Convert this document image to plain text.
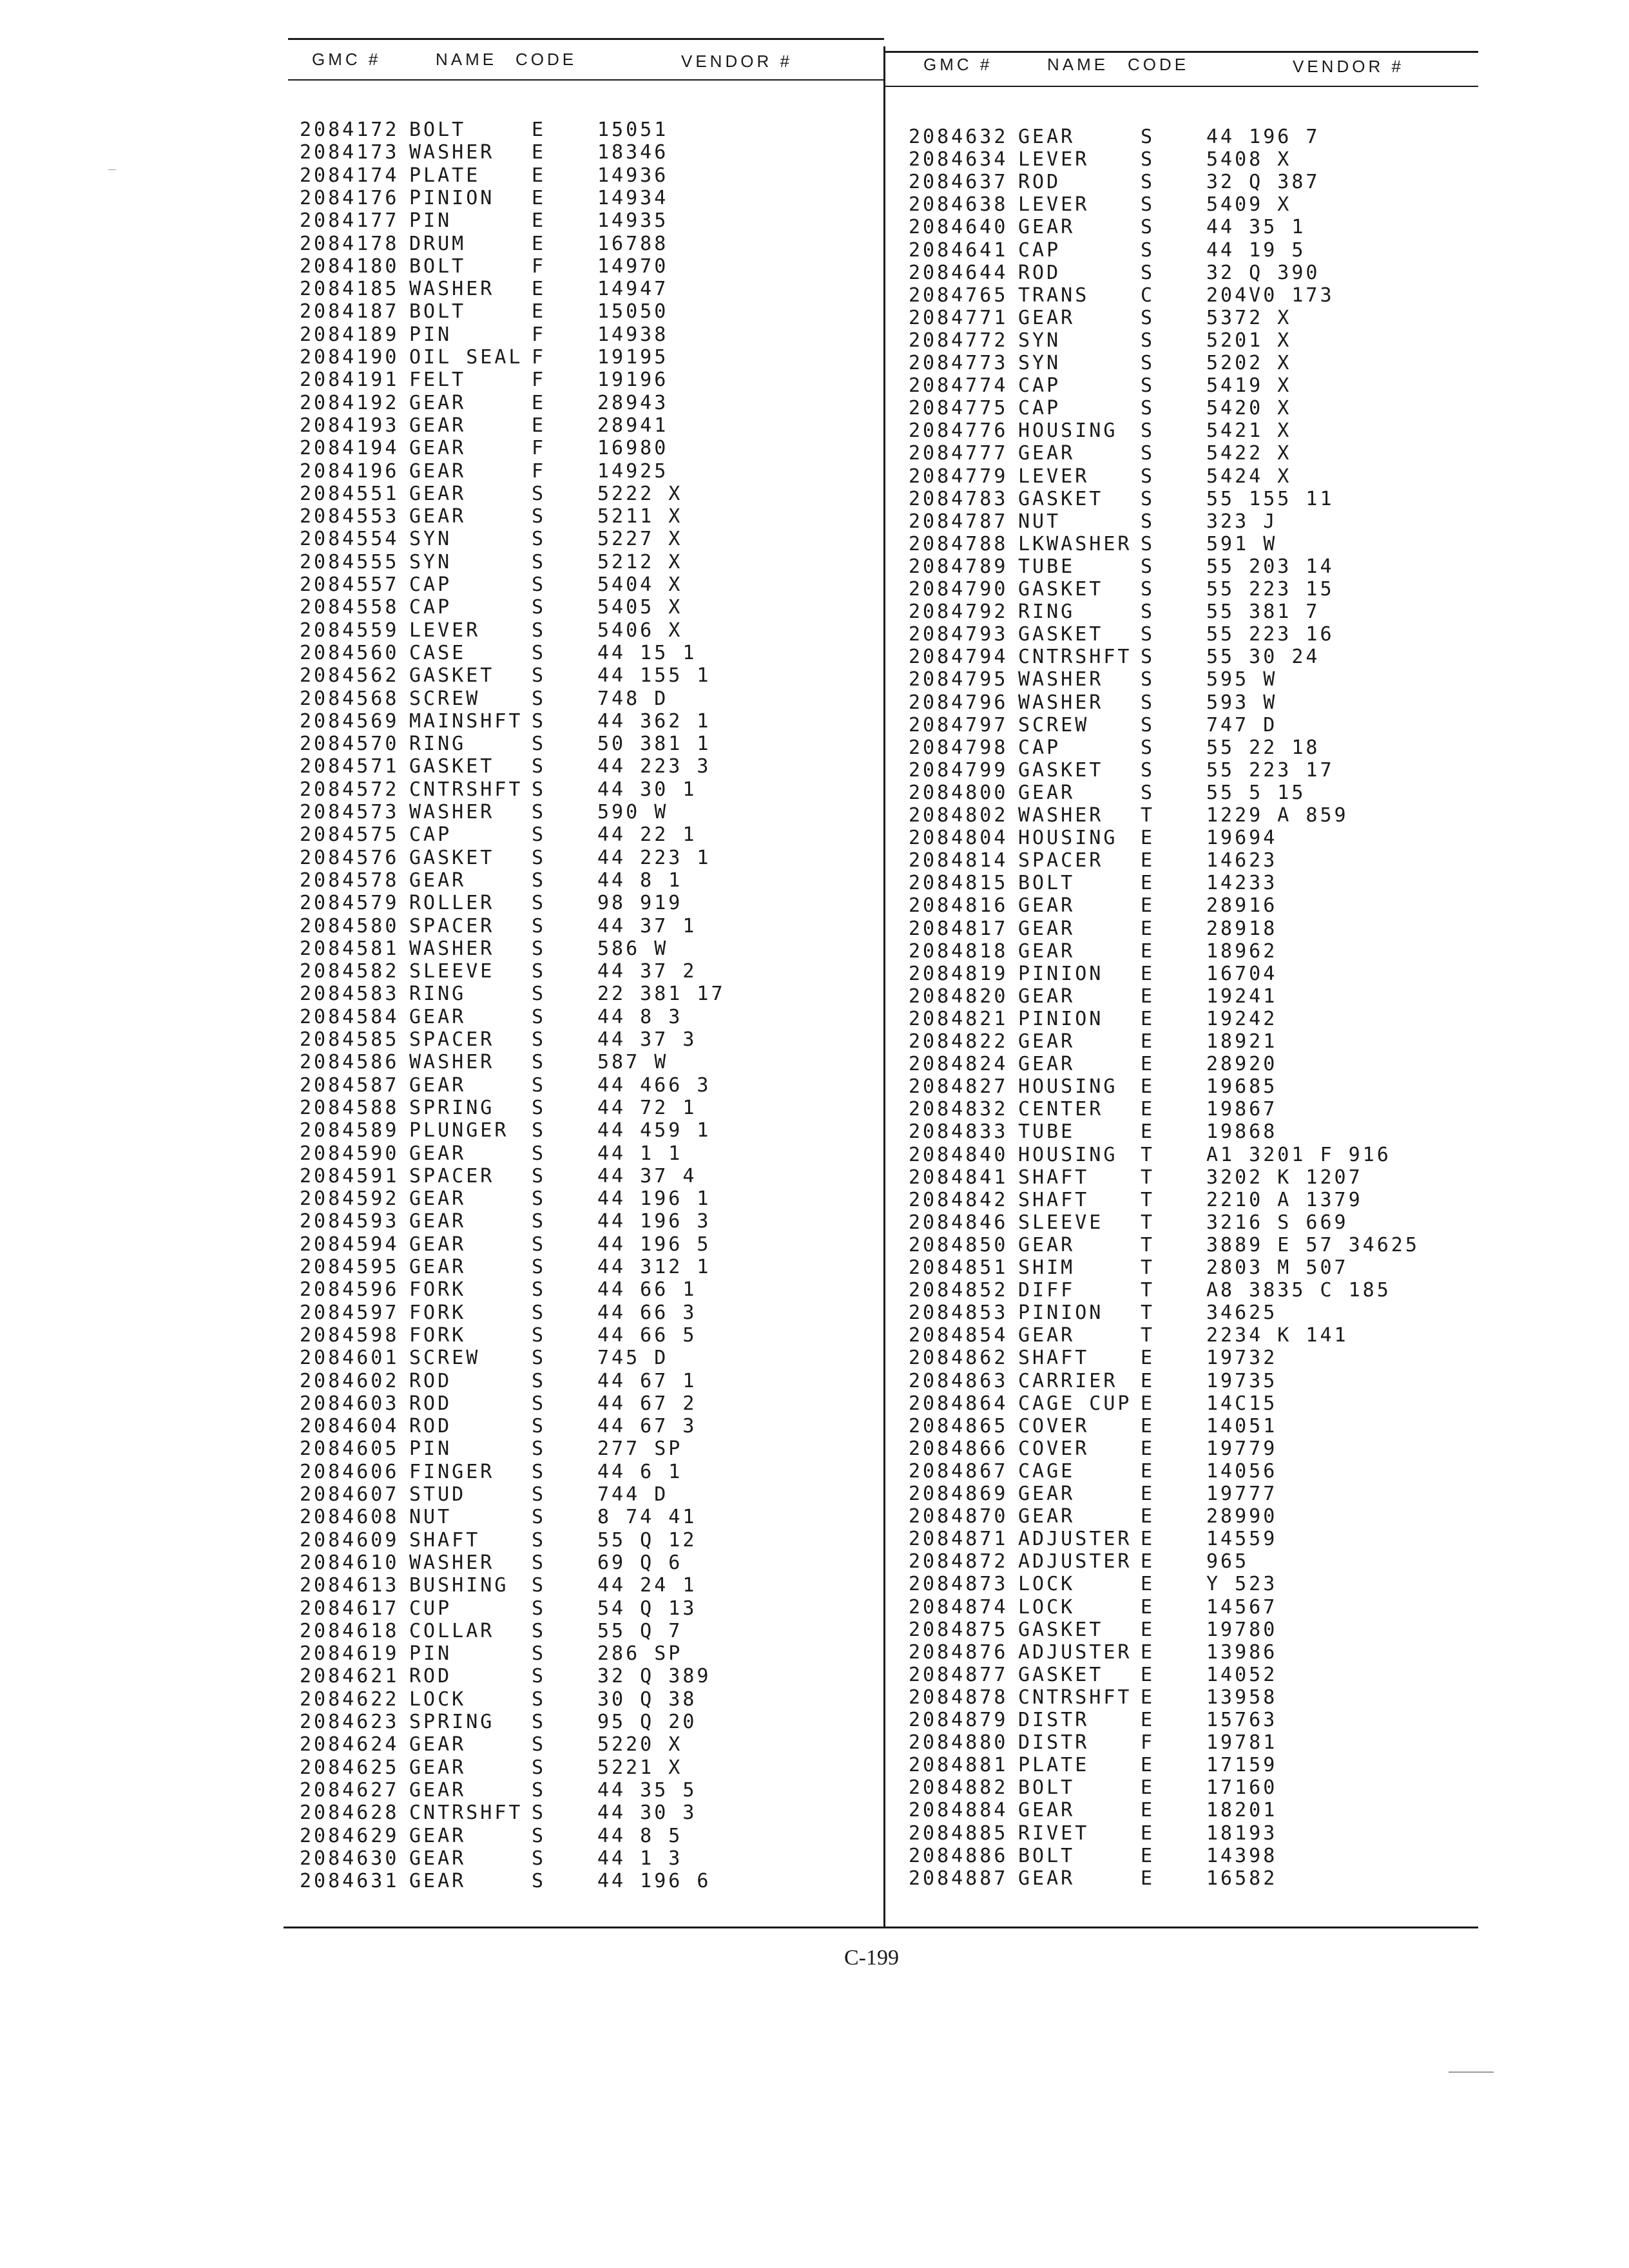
GMC #	NAME CODE	VENDOR #	GMC #	NAME CODE	VENDOR #
2084172 BOLT	E	15051
2084173 WASHER E	18346
2084174 PLATE	E	14936
2084176 PINION E	14934
2084177 PIN	E	14935
2084178 DRUM	E	16788
2084180 BOLT	F	14970
2084185 WASHER E	14947
2084187 BOLT	E	15050
2084189 PIN	F	14938
2084190 OIL SEAL F	19195
2084191 FELT	F	19196
2084192 GEAR	E	28943
2084193 GEAR	E	28941
2084194 GEAR	F	16980
2084196 GEAR	F	14925
2084551 GEAR	S	5222 X
2084553 GEAR	S	5211 X
2084554 SYN	S	5227 X
2084555 SYN	S	5212 X
2084557 CAP	S	5404 X
2084558 CAP	S	5405 X
2084559 LEVER	S	5406 X
2084560 CASE	S	44 15 1
2084562 GASKET S	44 155 1
2084568 SCREW	S	748 D
2084569 MAINSHFT S	44 362 1
2084570 RING	S	50 381 1
2084571 GASKET S	44 223 3
2084572 CNTRSHFT S	44 30 1
2084573 WASHER S	590 W
2084575 CAP	S	44 22 1
2084576 GASKET S	44 223 1
2084578 GEAR	S	44 8 1
2084579 ROLLER S	98 919
2084580 SPACER S	44 37 1
2084581 WASHER S	586 W
2084582 SLEEVE S	44 37 2
2084583 RING	S	22 381 17
2084584 GEAR	S	44 8 3
2084585 SPACER S	44 37 3
2084586 WASHER S	587 W
2084587 GEAR	S	44 466 3
2084588 SPRING S	44 72 1
2084589 PLUNGER S	44 459 1
2084590 GEAR	S	44 1 1
2084591 SPACER S	44 37 4
2084592 GEAR	S	44 196 1
2084593 GEAR	S	44 196 3
2084594 GEAR	S	44 196 5
2084595 GEAR	S	44 312 1
2084596 FORK	S	44 66 1
2084597 FORK	S	44 66 3
2084598 FORK	S	44 66 5
2084601 SCREW	S	745 D
2084602 ROD	S	44 67 1
2084603 ROD	S	44 67 2
2084604 ROD	S	44 67 3
2084605 PIN	S	277 SP
2084606 FINGER S	44 6 1
2084607 STUD	S	744 D
2084608 NUT	S	8 74 41
2084609 SHAFT	S	55 Q 12
2084610 WASHER S	69 Q 6
2084613 BUSHING S	44 24 1
2084617 CUP	S	54 Q 13
2084618 COLLAR S	55 Q 7
2084619 PIN	S	286 SP
2084621 ROD	S	32 Q 389
2084622 LOCK	S	30 Q 38
2084623 SPRING S	95 Q 20
2084624 GEAR	S	5220 X
2084625 GEAR	S	5221 X
2084627 GEAR	S	44 35 5
2084628 CNTRSHFT S	44 30 3
2084629 GEAR	S	44 8 5
2084630 GEAR	S	44 1 3
2084631 GEAR	S	44 196 6
2084632 GEAR	S	44 196 7
2084634 LEVER	S	5408 X
2084637 ROD	S	32 Q 387
2084638 LEVER	S	5409 X
2084640 GEAR	S	44 35 1
2084641 CAP	S	44 19 5
2084644 ROD	S	32 Q 390
2084765 TRANS	C	204V0 173
2084771 GEAR	S	5372 X
2084772 SYN	S	5201 X
2084773 SYN	S	5202 X
2084774 CAP	S	5419 X
2084775 CAP	S	5420 X
2084776 HOUSING S	5421 X
2084777 GEAR	S	5422 X
2084779 LEVER	S	5424 X
2084783 GASKET S	55 155 11
2084787 NUT	S	323 J
2084788 LKWASHER S	591 W
2084789 TUBE	S	55 203 14
2084790 GASKET S	55 223 15
2084792 RING	S	55 381 7
2084793 GASKET S	55 223 16
2084794 CNTRSHFT S	55 30 24
2084795 WASHER S	595 W
2084796 WASHER S	593 W
2084797 SCREW	S	747 D
2084798 CAP	S	55 22 18
2084799 GASKET S	55 223 17
2084800 GEAR	S	55 5 15
2084802 WASHER T	1229 A 859
2084804 HOUSING E	19694
2084814 SPACER E	14623
2084815 BOLT	E	14233
2084816 GEAR	E	28916
2084817 GEAR	E	28918
2084818 GEAR	E	18962
2084819 PINION E	16704
2084820 GEAR	E	19241
2084821 PINION E	19242
2084822 GEAR	E	18921
2084824 GEAR	E	28920
2084827 HOUSING E	19685
2084832 CENTER E	19867
2084833 TUBE	E	19868
2084840 HOUSING T	A1 3201 F 916
2084841 SHAFT	T	3202 K 1207
2084842 SHAFT	T	2210 A 1379
2084846 SLEEVE T	3216 S 669
2084850 GEAR	T	3889 E 57 34625
2084851 SHIM	T	2803 M 507
2084852 DIFF	T	A8 3835 C 185
2084853 PINION T	34625
2084854 GEAR	T	2234 K 141
2084862 SHAFT	E	19732
2084863 CARRIER E	19735
2084864 CAGE CUP E	14C15
2084865 COVER	E	14051
2084866 COVER	E	19779
2084867 CAGE	E	14056
2084869 GEAR	E	19777
2084870 GEAR	E	28990
2084871 ADJUSTER E	14559
2084872 ADJUSTER E	965
2084873 LOCK	E	Y 523
2084874 LOCK	E	14567
2084875 GASKET E	19780
2084876 ADJUSTER E	13986
2084877 GASKET E	14052
2084878 CNTRSHFT E	13958
2084879 DISTR	E	15763
2084880 DISTR	F	19781
2084881 PLATE	E	17159
2084882 BOLT	E	17160
2084884 GEAR	E	18201
2084885 RIVET	E	18193
2084886 BOLT	E	14398
2084887 GEAR	E	16582
C-199
